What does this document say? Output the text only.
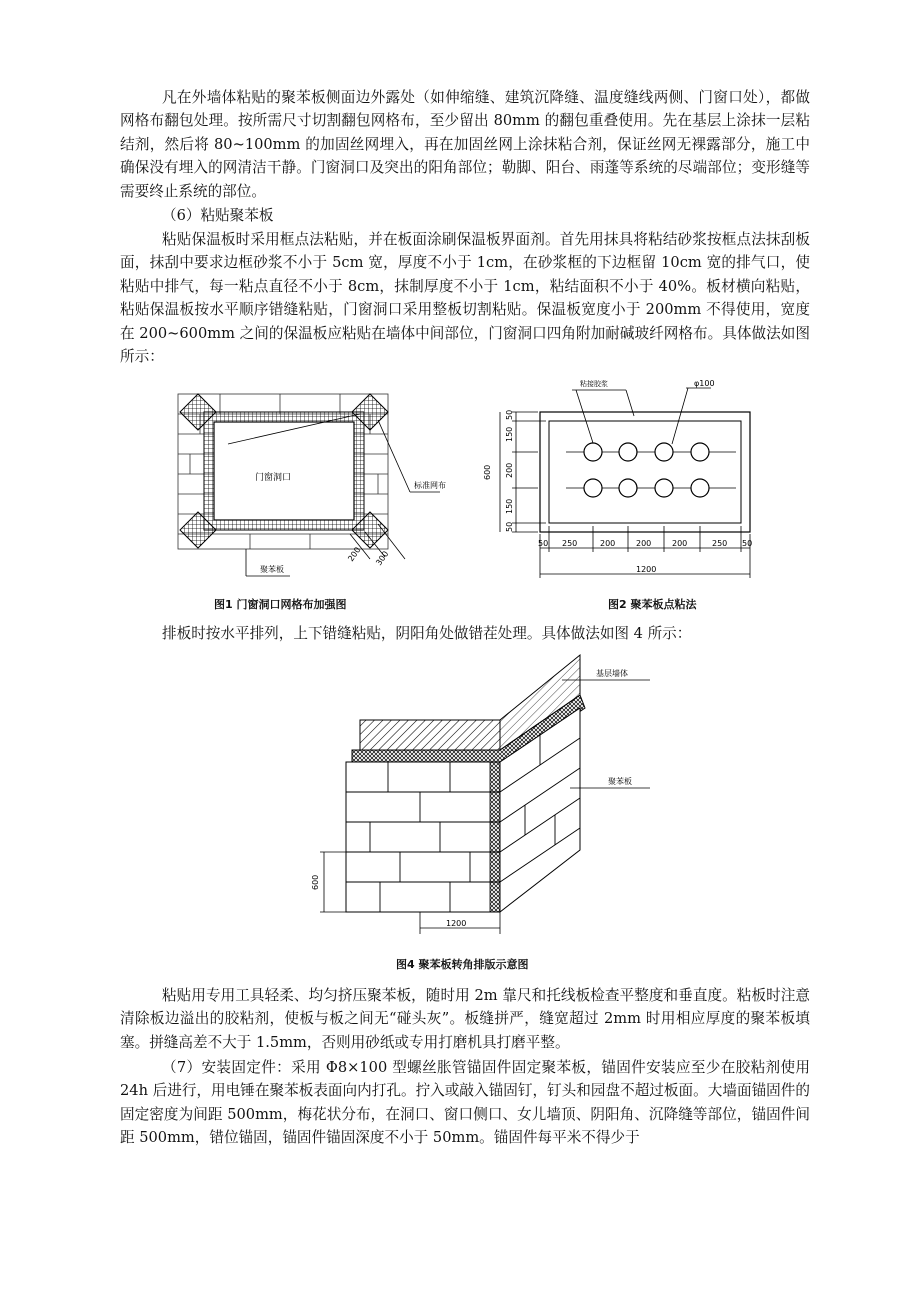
凡在外墙体粘贴的聚苯板侧面边外露处（如伸缩缝、建筑沉降缝、温度缝线两侧、门窗口处），都做网格布翻包处理。按所需尺寸切割翻包网格布，至少留出 80mm 的翻包重叠使用。先在基层上涂抹一层粘结剂，然后将 80~100mm 的加固丝网埋入，再在加固丝网上涂抹粘合剂，保证丝网无裸露部分，施工中确保没有埋入的网清洁干静。门窗洞口及突出的阳角部位；勒脚、阳台、雨蓬等系统的尽端部位；变形缝等需要终止系统的部位。

（6）粘贴聚苯板

粘贴保温板时采用框点法粘贴，并在板面涂刷保温板界面剂。首先用抹具将粘结砂浆按框点法抹刮板面，抹刮中要求边框砂浆不小于 5cm 宽，厚度不小于 1cm，在砂浆框的下边框留 10cm 宽的排气口，使粘贴中排气，每一粘点直径不小于 8cm，抹制厚度不小于 1cm，粘结面积不小于 40%。板材横向粘贴，粘贴保温板按水平顺序错缝粘贴，门窗洞口采用整板切割粘贴。保温板宽度小于 200mm 不得使用，宽度在 200~600mm 之间的保温板应粘贴在墙体中间部位，门窗洞口四角附加耐碱玻纤网格布。具体做法如图 所示：

门窗洞口
标准网布
聚苯板
200 300
粘接胶浆	φ100
600
50
150
200
150
50
50 250	200	200	200	250 50
1200
图1 门窗洞口网格布加强图	图2 聚苯板点粘法

排板时按水平排列，上下错缝粘贴，阴阳角处做错茬处理。具体做法如图 4 所示：

基层墙体
聚苯板
600
1200
图4 聚苯板转角排版示意图

粘贴用专用工具轻柔、均匀挤压聚苯板，随时用 2m 靠尺和托线板检查平整度和垂直度。粘板时注意清除板边溢出的胶粘剂，使板与板之间无“碰头灰”。板缝拼严，缝宽超过 2mm 时用相应厚度的聚苯板填塞。拼缝高差不大于 1.5mm，否则用砂纸或专用打磨机具打磨平整。

（7）安装固定件：采用 Φ8×100 型螺丝胀管锚固件固定聚苯板，锚固件安装应至少在胶粘剂使用 24h 后进行，用电锤在聚苯板表面向内打孔。拧入或敲入锚固钉，钉头和园盘不超过板面。大墙面锚固件的固定密度为间距 500mm，梅花状分布，在洞口、窗口侧口、女儿墙顶、阴阳角、沉降缝等部位，锚固件间距 500mm，错位锚固，锚固件锚固深度不小于 50mm。锚固件每平米不得少于
